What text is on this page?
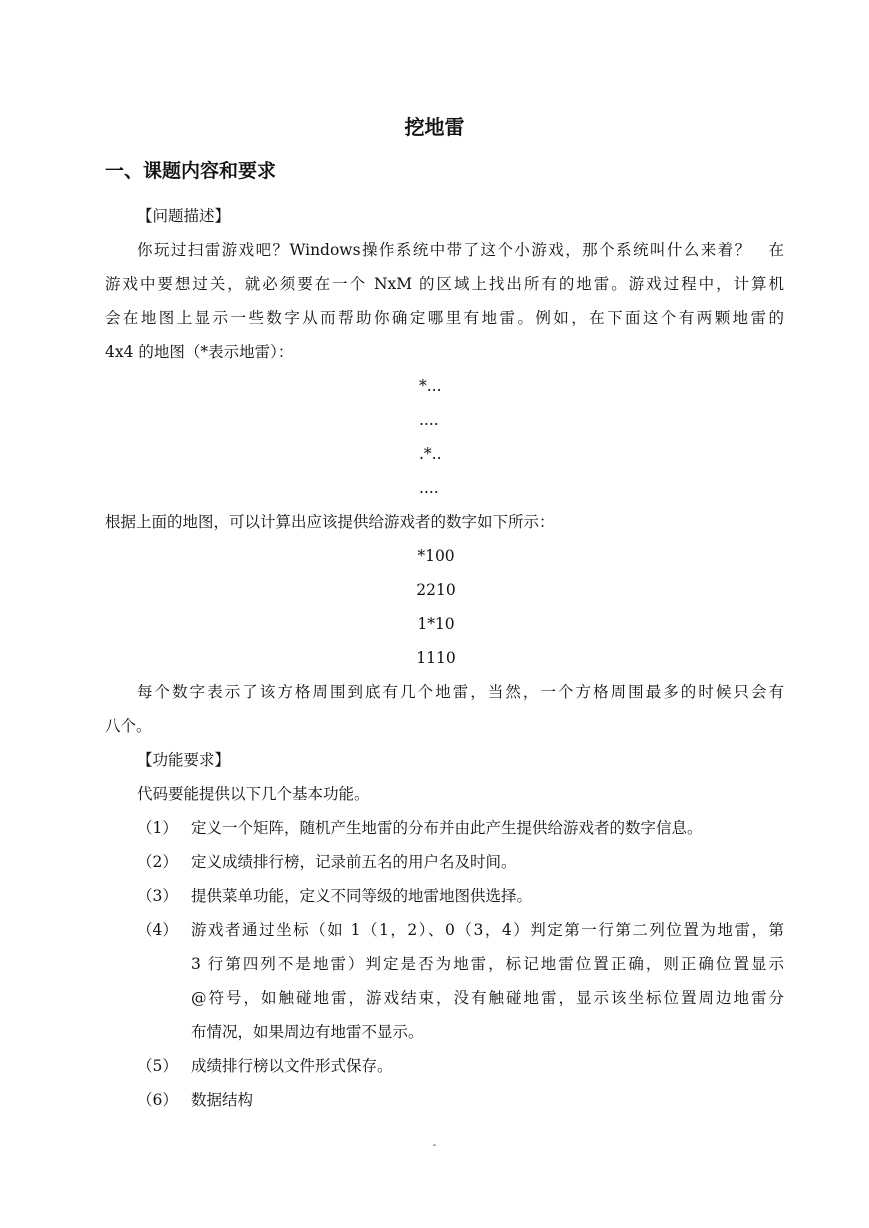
挖地雷
一、课题内容和要求
【问题描述】
你玩过扫雷游戏吧？Windows操作系统中带了这个小游戏，那个系统叫什么来着？　在
游戏中要想过关，就必须要在一个 NxM 的区域上找出所有的地雷。游戏过程中，计算机
会在地图上显示一些数字从而帮助你确定哪里有地雷。例如，在下面这个有两颗地雷的
4x4 的地图（*表示地雷）：
*...
....
.*..
....
根据上面的地图，可以计算出应该提供给游戏者的数字如下所示：
*100
2210
1*10
1110
每个数字表示了该方格周围到底有几个地雷，当然，一个方格周围最多的时候只会有
八个。
【功能要求】
代码要能提供以下几个基本功能。
（1） 定义一个矩阵，随机产生地雷的分布并由此产生提供给游戏者的数字信息。
（2） 定义成绩排行榜，记录前五名的用户名及时间。
（3） 提供菜单功能，定义不同等级的地雷地图供选择。
（4） 游戏者通过坐标（如 1（1，2）、0（3，4）判定第一行第二列位置为地雷，第
3 行第四列不是地雷）判定是否为地雷，标记地雷位置正确，则正确位置显示
@符号，如触碰地雷，游戏结束，没有触碰地雷，显示该坐标位置周边地雷分
布情况，如果周边有地雷不显示。
（5） 成绩排行榜以文件形式保存。
（6） 数据结构
-
